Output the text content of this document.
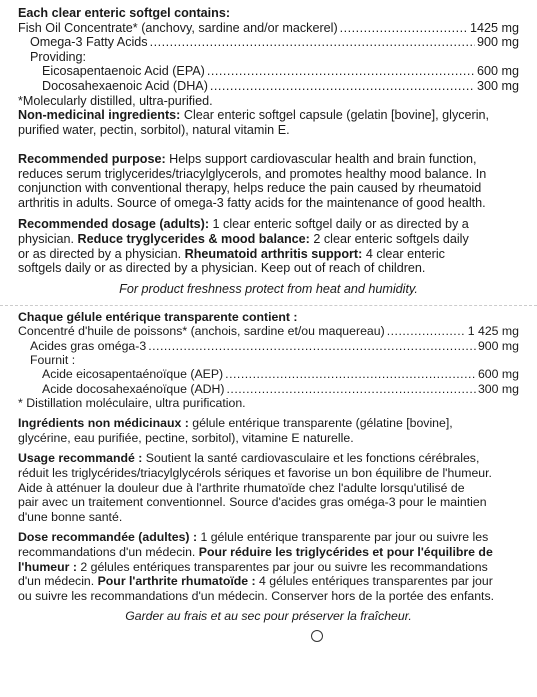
Each clear enteric softgel contains:
Fish Oil Concentrate* (anchovy, sardine and/or mackerel) .....	1425 mg
Omega-3 Fatty Acids .....	900 mg
Providing:
Eicosapentaenoic Acid (EPA) .....	600 mg
Docosahexaenoic Acid (DHA) .....	300 mg
*Molecularly distilled, ultra-purified.
Non-medicinal ingredients: Clear enteric softgel capsule (gelatin [bovine], glycerin,
purified water, pectin, sorbitol), natural vitamin E.
Recommended purpose: Helps support cardiovascular health and brain function,
reduces serum triglycerides/triacylglycerols, and promotes healthy mood balance. In
conjunction with conventional therapy, helps reduce the pain caused by rheumatoid
arthritis in adults. Source of omega-3 fatty acids for the maintenance of good health.
Recommended dosage (adults): 1 clear enteric softgel daily or as directed by a
physician. Reduce tryglycerides & mood balance: 2 clear enteric softgels daily
or as directed by a physician. Rheumatoid arthritis support: 4 clear enteric
softgels daily or as directed by a physician. Keep out of reach of children.
For product freshness protect from heat and humidity.
Chaque gélule entérique transparente contient :
Concentré d'huile de poissons* (anchois, sardine et/ou maquereau) .....	1 425 mg
Acides gras oméga-3 .....	900 mg
Fournit :
Acide eicosapentaénoïque (AEP) .....	600 mg
Acide docosahexaénoïque (ADH) .....	300 mg
* Distillation moléculaire, ultra purification.
Ingrédients non médicinaux : gélule entérique transparente (gélatine [bovine],
glycérine, eau purifiée, pectine, sorbitol), vitamine E naturelle.
Usage recommandé : Soutient la santé cardiovasculaire et les fonctions cérébrales,
réduit les triglycérides/triacylglycérols sériques et favorise un bon équilibre de l'humeur.
Aide à atténuer la douleur due à l'arthrite rhumatoïde chez l'adulte lorsqu'utilisé de
pair avec un traitement conventionnel. Source d'acides gras oméga-3 pour le maintien
d'une bonne santé.
Dose recommandée (adultes) : 1 gélule entérique transparente par jour ou suivre les
recommandations d'un médecin. Pour réduire les triglycérides et pour l'équilibre de
l'humeur : 2 gélules entériques transparentes par jour ou suivre les recommandations
d'un médecin. Pour l'arthrite rhumatoïde : 4 gélules entériques transparentes par jour
ou suivre les recommandations d'un médecin. Conserver hors de la portée des enfants.
Garder au frais et au sec pour préserver la fraîcheur.
